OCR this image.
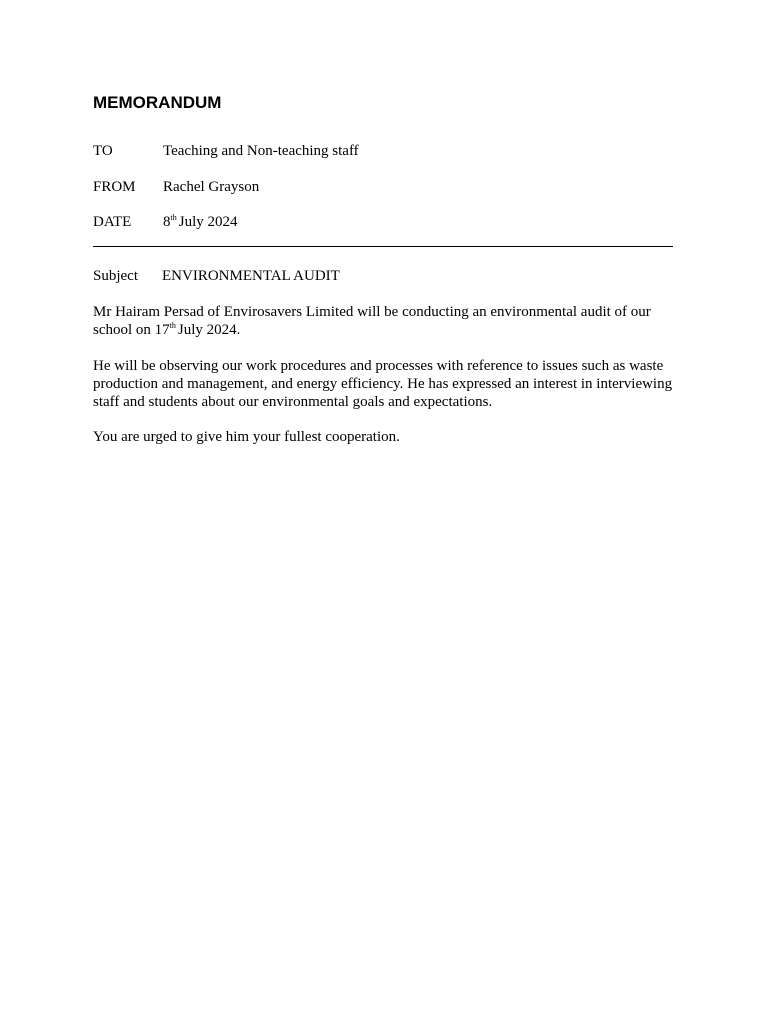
MEMORANDUM
TO	Teaching and Non-teaching staff
FROM Rachel Grayson
DATE 8th July 2024
Subject ENVIRONMENTAL AUDIT

Mr Hairam Persad of Envirosavers Limited will be conducting an environmental audit of our school on 17th July 2024.

He will be observing our work procedures and processes with reference to issues such as waste production and management, and energy efficiency. He has expressed an interest in interviewing staff and students about our environmental goals and expectations.

You are urged to give him your fullest cooperation.
